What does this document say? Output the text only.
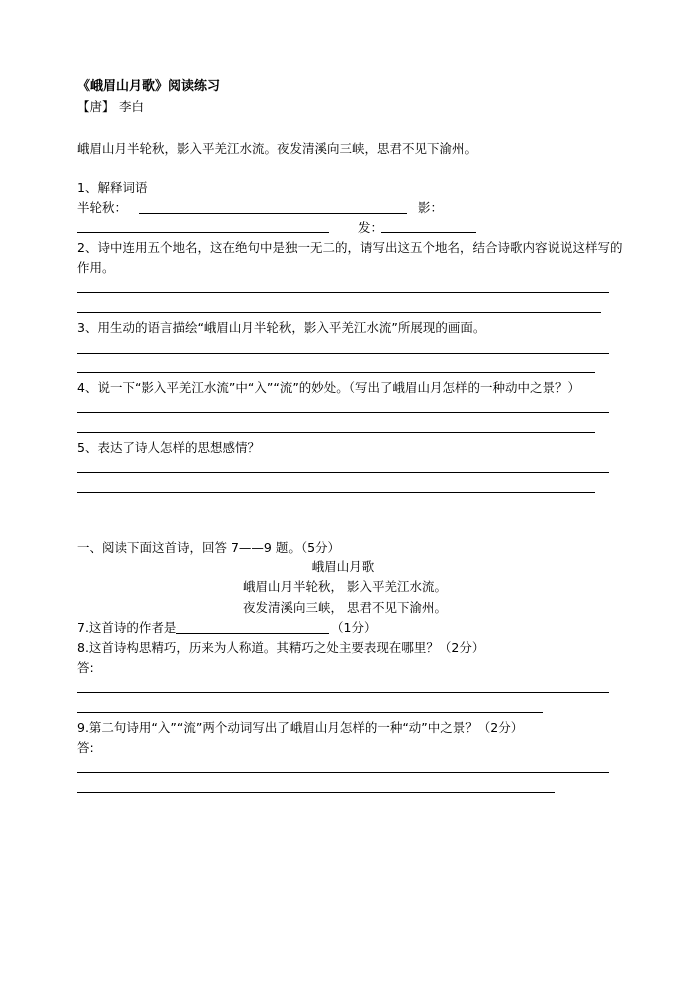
《峨眉山月歌》阅读练习
【唐】 李白
峨眉山月半轮秋，影入平羌江水流。夜发清溪向三峡，思君不见下渝州。
1、解释词语
半轮秋：	影：
发：
2、诗中连用五个地名，这在绝句中是独一无二的，请写出这五个地名，结合诗歌内容说说这样写的
作用。
3、用生动的语言描绘“峨眉山月半轮秋，影入平羌江水流”所展现的画面。
4、说一下“影入平羌江水流”中“入”“流”的妙处。（写出了峨眉山月怎样的一种动中之景？）
5、表达了诗人怎样的思想感情？
一、阅读下面这首诗，回答 7——9 题。（5分）
峨眉山月歌
峨眉山月半轮秋， 影入平羌江水流。
夜发清溪向三峡， 思君不见下渝州。
7.这首诗的作者是	（1分）
8.这首诗构思精巧，历来为人称道。其精巧之处主要表现在哪里？（2分）
答:
9.第二句诗用“入”“流”两个动词写出了峨眉山月怎样的一种“动”中之景？（2分）
答:
